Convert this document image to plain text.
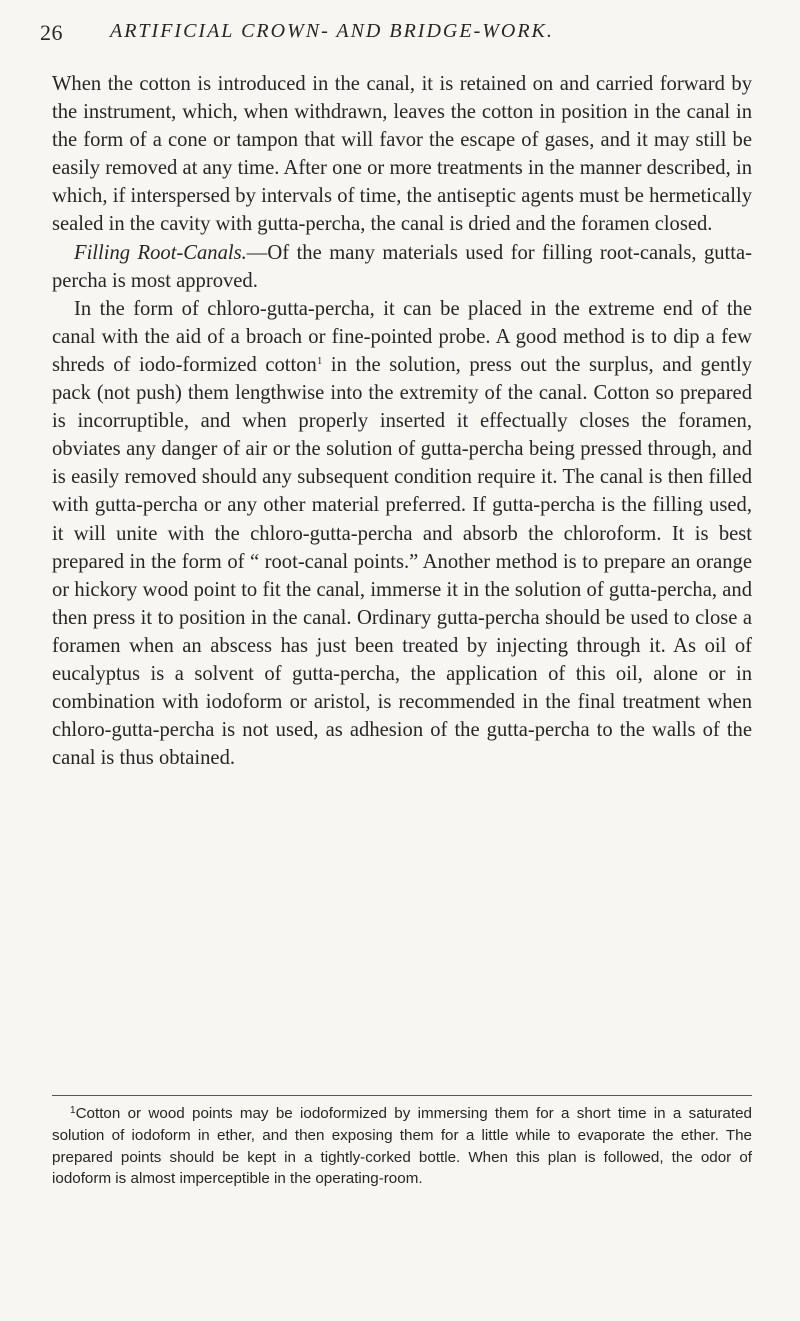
26 ARTIFICIAL CROWN- AND BRIDGE-WORK.

When the cotton is introduced in the canal, it is retained on and carried forward by the instrument, which, when withdrawn, leaves the cotton in position in the canal in the form of a cone or tampon that will favor the escape of gases, and it may still be easily removed at any time. After one or more treatments in the manner described, in which, if interspersed by intervals of time, the antiseptic agents must be hermetically sealed in the cavity with gutta-percha, the canal is dried and the foramen closed.

Filling Root-Canals.—Of the many materials used for filling root-canals, gutta-percha is most approved.

In the form of chloro-gutta-percha, it can be placed in the extreme end of the canal with the aid of a broach or fine-pointed probe. A good method is to dip a few shreds of iodo-formized cotton$^1$ in the solution, press out the surplus, and gently pack (not push) them lengthwise into the extremity of the canal. Cotton so prepared is incorruptible, and when properly inserted it effectually closes the foramen, obviates any danger of air or the solution of gutta-percha being pressed through, and is easily removed should any subsequent condition require it. The canal is then filled with gutta-percha or any other material preferred. If gutta-percha is the filling used, it will unite with the chloro-gutta-percha and absorb the chloroform. It is best prepared in the form of “ root-canal points.” Another method is to prepare an orange or hickory wood point to fit the canal, immerse it in the solution of gutta-percha, and then press it to position in the canal. Ordinary gutta-percha should be used to close a foramen when an abscess has just been treated by injecting through it. As oil of eucalyptus is a solvent of gutta-percha, the application of this oil, alone or in combination with iodoform or aristol, is recommended in the final treatment when chloro-gutta-percha is not used, as adhesion of the gutta-percha to the walls of the canal is thus obtained.

$^1$Cotton or wood points may be iodoformized by immersing them for a short time in a saturated solution of iodoform in ether, and then exposing them for a little while to evaporate the ether. The prepared points should be kept in a tightly-corked bottle. When this plan is followed, the odor of iodoform is almost imperceptible in the operating-room.
